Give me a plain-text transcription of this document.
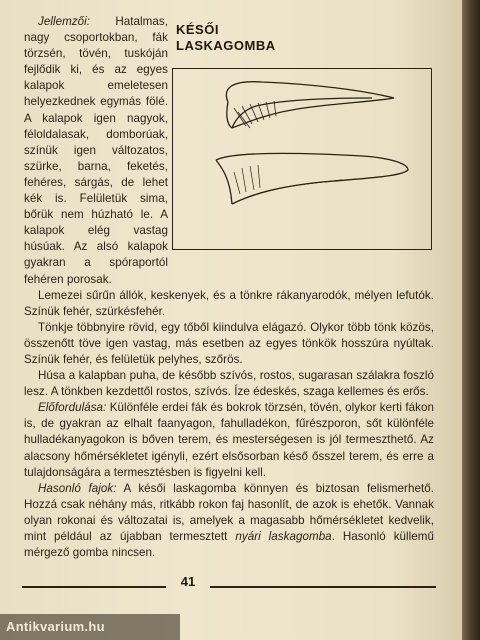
KÉSŐI
LASKAGOMBA

Jellemzői: Hatalmas, nagy csoportokban, fák törzsén, tövén, tuskóján fejlődik ki, és az egyes kalapok emeletesen helyezkednek egymás fölé. A kalapok igen nagyok, féloldalasak, domborúak, színük igen változatos, szürke, barna, feketés, fehéres, sárgás, de lehet kék is. Felületük sima, bőrük nem húzható le. A kalapok elég vastag húsúak. Az alsó kalapok gyakran a spóraportól fehéren porosak.

Lemezei sűrűn állók, keskenyek, és a tönkre rákanyarodók, mélyen lefutók. Színük fehér, szürkésfehér.

Tönkje többnyire rövid, egy tőből kiindulva elágazó. Olykor több tönk közös, összenőtt töve igen vastag, más esetben az egyes tönkök hosszúra nyúltak. Színük fehér, és felületük pelyhes, szőrös.

Húsa a kalapban puha, de később szívós, rostos, sugarasan szálakra foszló lesz. A tönkben kezdettől rostos, szívós. Íze édeskés, szaga kellemes és erős.

Előfordulása: Különféle erdei fák és bokrok törzsén, tövén, olykor kerti fákon is, de gyakran az elhalt faanyagon, fahulladékon, fűrészporon, sőt különféle hulladékanyagokon is bőven terem, és mesterségesen is jól termeszthető. Az alacsony hőmérsékletet igényli, ezért elsősorban késő ősszel terem, és erre a tulajdonságára a termesztésben is figyelni kell.

Hasonló fajok: A késői laskagomba könnyen és biztosan felismerhető. Hozzá csak néhány más, ritkább rokon faj hasonlít, de azok is ehetők. Vannak olyan rokonai és változatai is, amelyek a magasabb hőmérsékletet kedvelik, mint például az újabban termesztett nyári laskagomba. Hasonló küllemű mérgező gomba nincsen.

41
Antikvarium.hu
